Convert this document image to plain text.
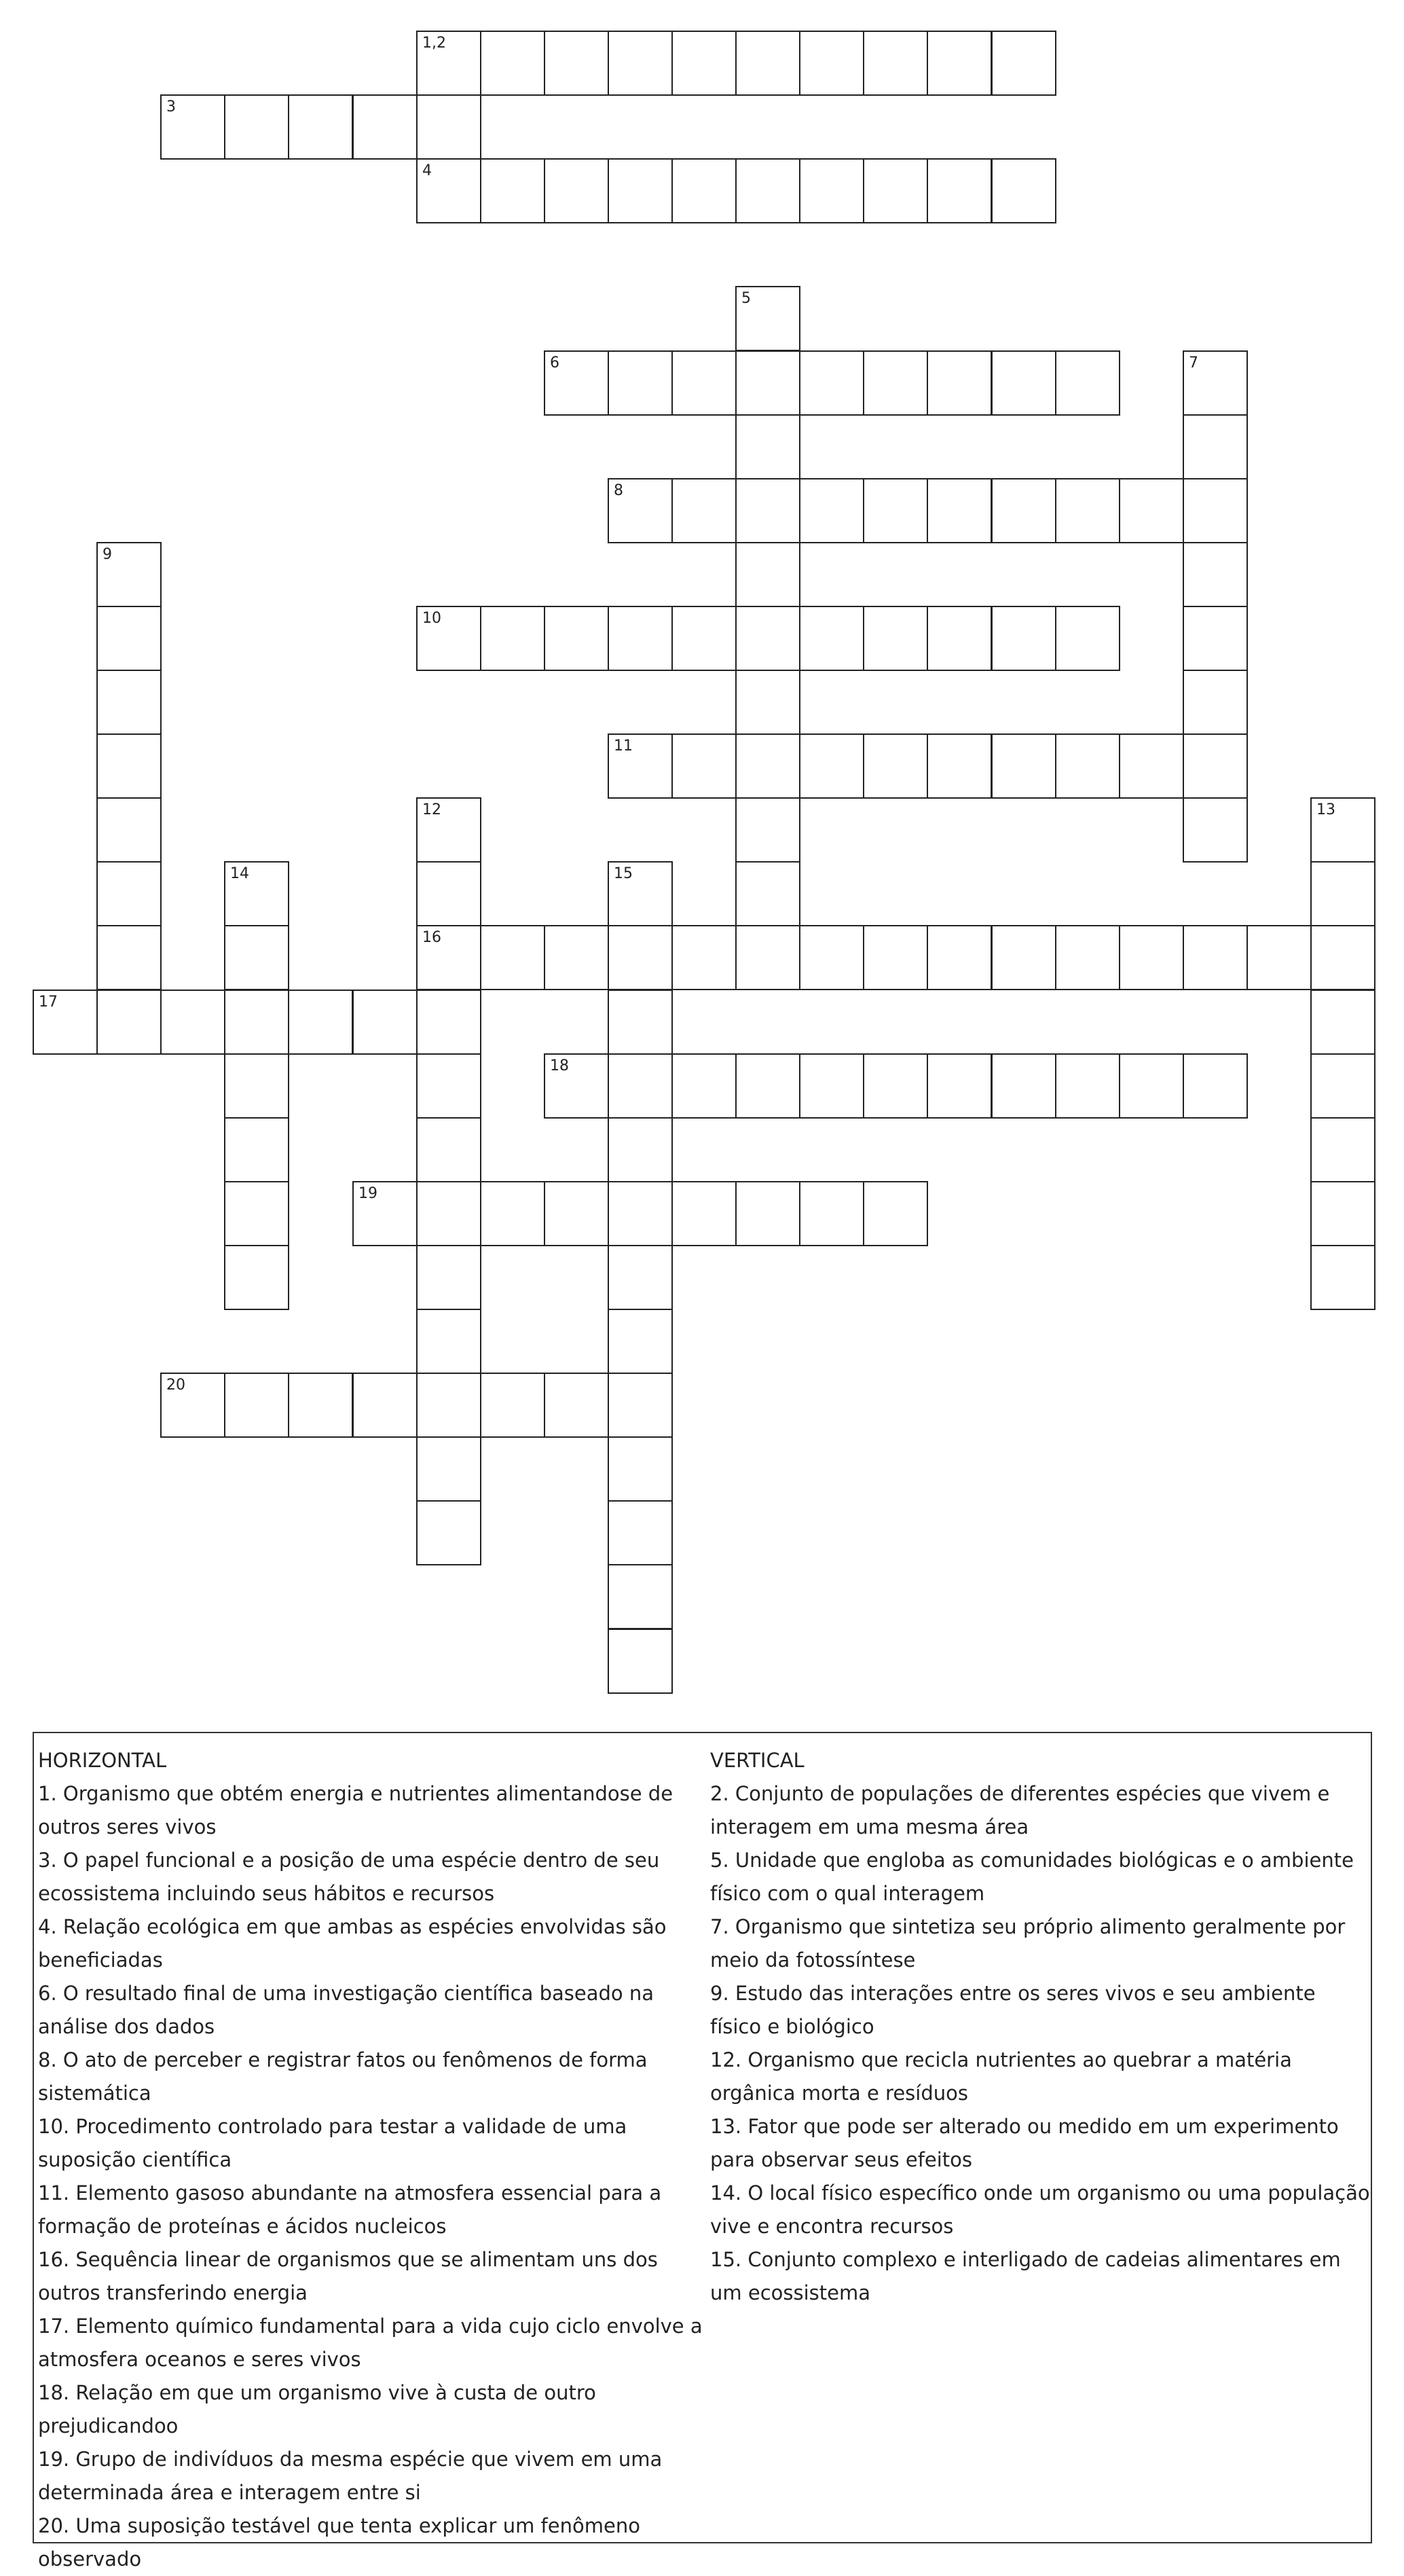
1,2
3
4
5
6	7
8
9
10
11
12
16
13
14	15
17
18
19
20
HORIZONTAL
1. Organismo que obtém energia e nutrientes alimentandose de outros seres vivos
3. O papel funcional e a posição de uma espécie dentro de seu ecossistema incluindo seus hábitos e recursos
4. Relação ecológica em que ambas as espécies envolvidas são beneficiadas
6. O resultado final de uma investigação científica baseado na análise dos dados
8. O ato de perceber e registrar fatos ou fenômenos de forma sistemática
10. Procedimento controlado para testar a validade de uma suposição científica
11. Elemento gasoso abundante na atmosfera essencial para a formação de proteínas e ácidos nucleicos
16. Sequência linear de organismos que se alimentam uns dos outros transferindo energia
17. Elemento químico fundamental para a vida cujo ciclo envolve a atmosfera oceanos e seres vivos
18. Relação em que um organismo vive à custa de outro prejudicandoo
19. Grupo de indivíduos da mesma espécie que vivem em uma determinada área e interagem entre si
20. Uma suposição testável que tenta explicar um fenômeno observado
VERTICAL
2. Conjunto de populações de diferentes espécies que vivem e interagem em uma mesma área
5. Unidade que engloba as comunidades biológicas e o ambiente físico com o qual interagem
7. Organismo que sintetiza seu próprio alimento geralmente por meio da fotossíntese
9. Estudo das interações entre os seres vivos e seu ambiente físico e biológico
12. Organismo que recicla nutrientes ao quebrar a matéria orgânica morta e resíduos
13. Fator que pode ser alterado ou medido em um experimento para observar seus efeitos
14. O local físico específico onde um organismo ou uma população vive e encontra recursos
15. Conjunto complexo e interligado de cadeias alimentares em um ecossistema
